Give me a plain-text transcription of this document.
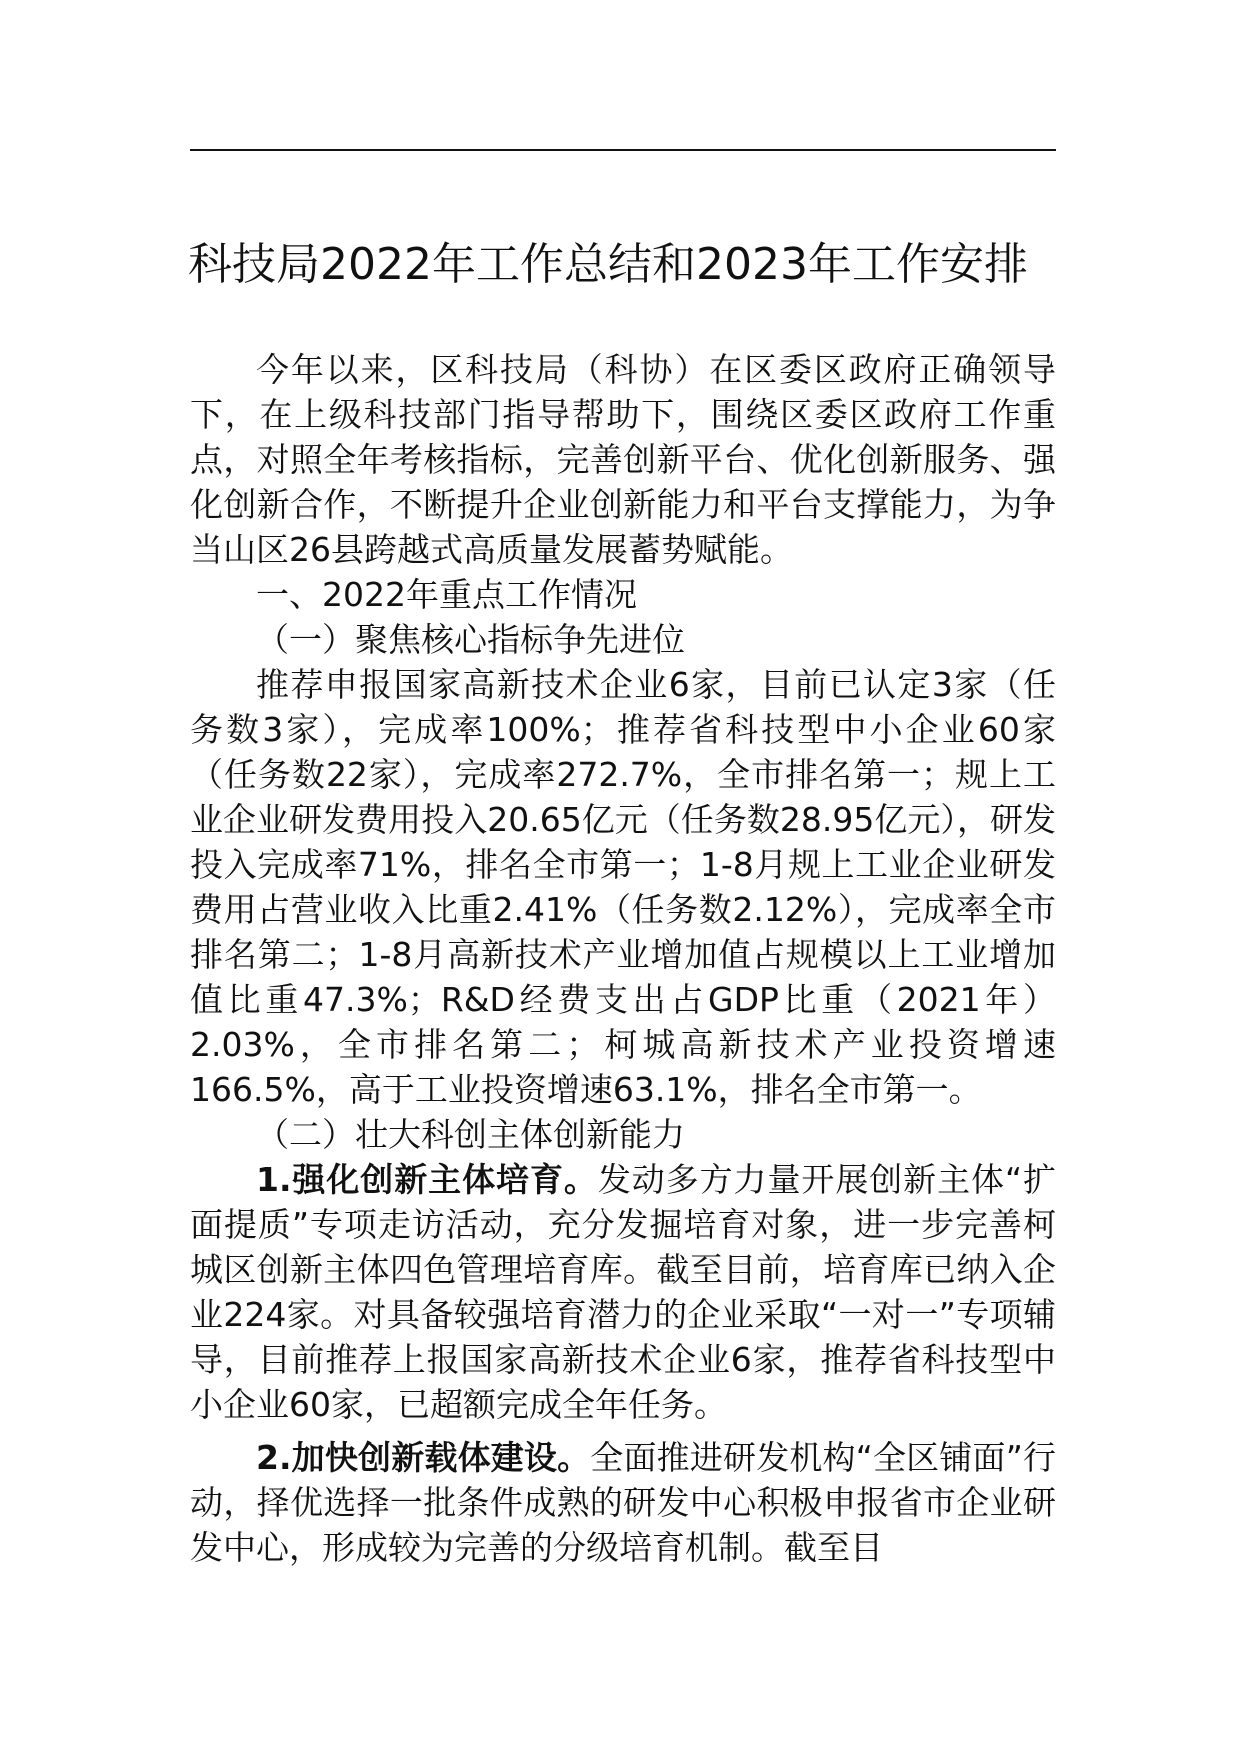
科技局2022年工作总结和2023年工作安排

今年以来，区科技局（科协）在区委区政府正确领导下，在上级科技部门指导帮助下，围绕区委区政府工作重点，对照全年考核指标，完善创新平台、优化创新服务、强化创新合作，不断提升企业创新能力和平台支撑能力，为争当山区26县跨越式高质量发展蓄势赋能。

一、2022年重点工作情况

（一）聚焦核心指标争先进位

推荐申报国家高新技术企业6家，目前已认定3家（任务数3家），完成率100%；推荐省科技型中小企业60家（任务数22家），完成率272.7%，全市排名第一；规上工业企业研发费用投入20.65亿元（任务数28.95亿元），研发投入完成率71%，排名全市第一；1-8月规上工业企业研发费用占营业收入比重2.41%（任务数2.12%），完成率全市排名第二；1-8月高新技术产业增加值占规模以上工业增加值比重47.3%；R&D经费支出占GDP比重（2021年）2.03%，全市排名第二；柯城高新技术产业投资增速166.5%，高于工业投资增速63.1%，排名全市第一。

（二）壮大科创主体创新能力

1.强化创新主体培育。发动多方力量开展创新主体“扩面提质”专项走访活动，充分发掘培育对象，进一步完善柯城区创新主体四色管理培育库。截至目前，培育库已纳入企业224家。对具备较强培育潜力的企业采取“一对一”专项辅导，目前推荐上报国家高新技术企业6家，推荐省科技型中小企业60家，已超额完成全年任务。

2.加快创新载体建设。全面推进研发机构“全区铺面”行动，择优选择一批条件成熟的研发中心积极申报省市企业研发中心，形成较为完善的分级培育机制。截至目
